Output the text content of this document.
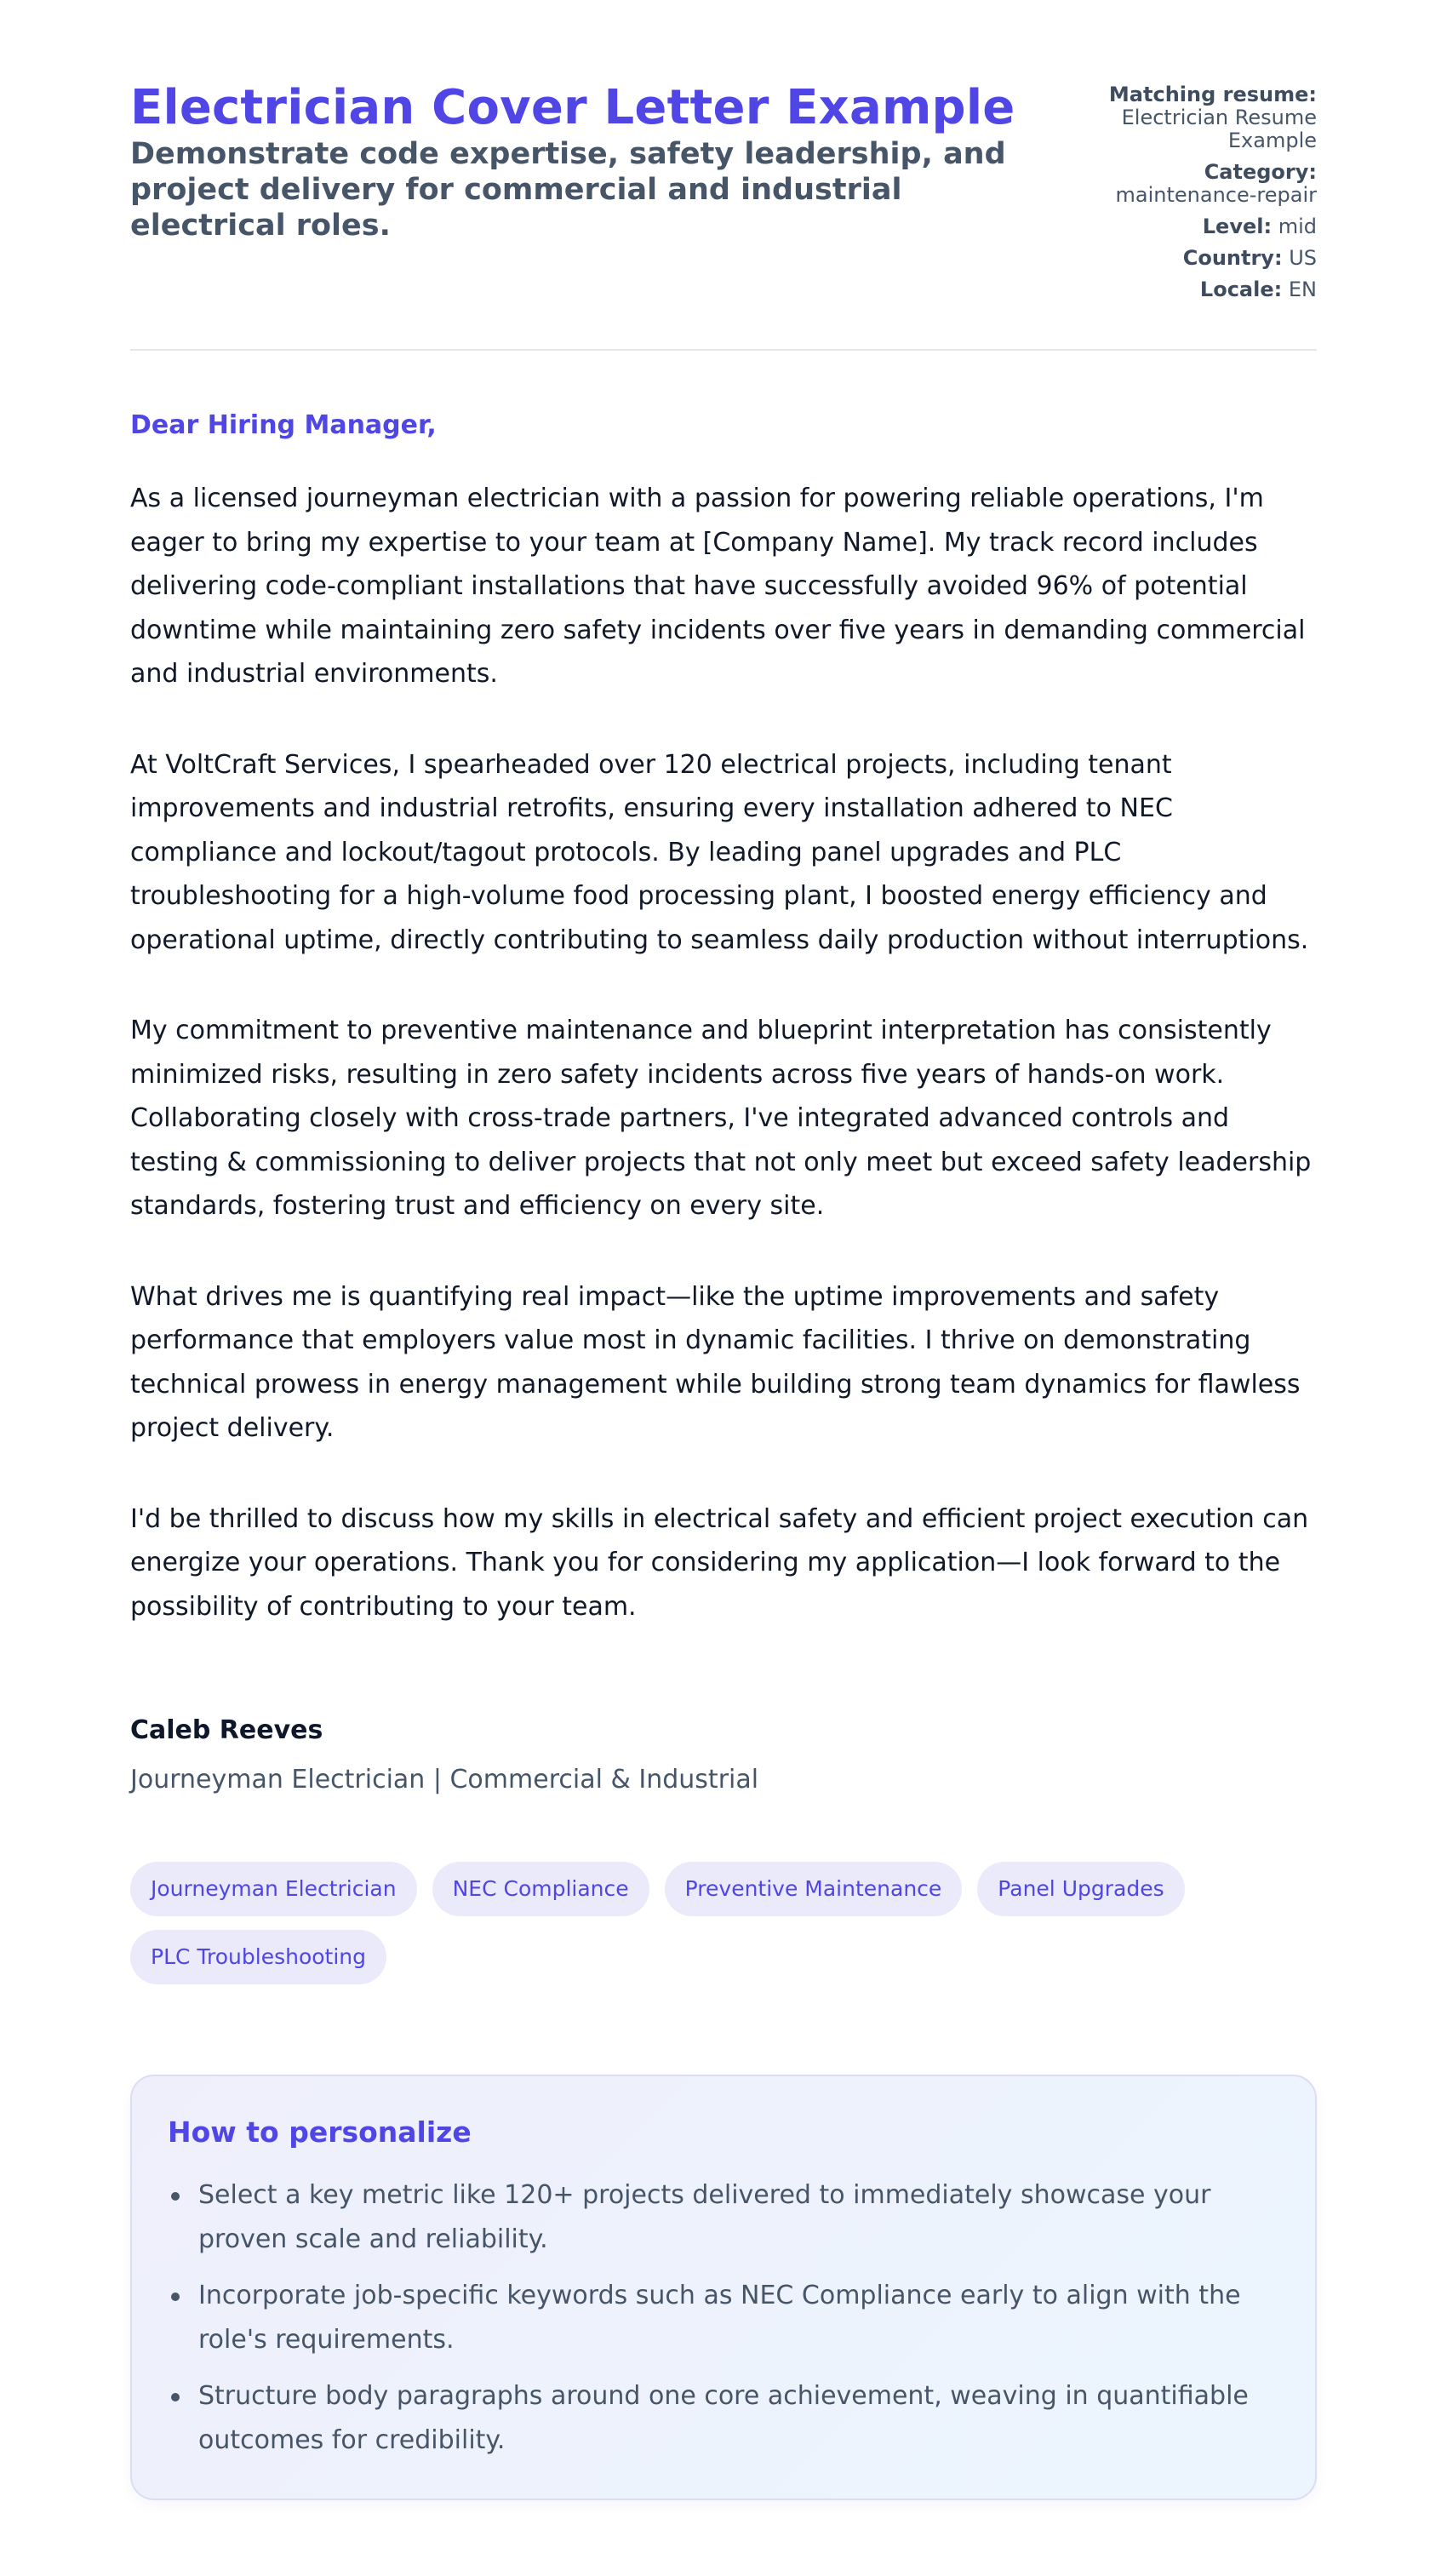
Electrician Cover Letter Example
Demonstrate code expertise, safety leadership, and project delivery for commercial and industrial electrical roles.
Matching resume:
Electrician Resume Example
Category:
maintenance-repair
Level: mid
Country: US
Locale: EN

Dear Hiring Manager,

As a licensed journeyman electrician with a passion for powering reliable operations, I'm eager to bring my expertise to your team at [Company Name]. My track record includes delivering code-compliant installations that have successfully avoided 96% of potential downtime while maintaining zero safety incidents over five years in demanding commercial and industrial environments.

At VoltCraft Services, I spearheaded over 120 electrical projects, including tenant improvements and industrial retrofits, ensuring every installation adhered to NEC compliance and lockout/tagout protocols. By leading panel upgrades and PLC troubleshooting for a high-volume food processing plant, I boosted energy efficiency and operational uptime, directly contributing to seamless daily production without interruptions.

My commitment to preventive maintenance and blueprint interpretation has consistently minimized risks, resulting in zero safety incidents across five years of hands-on work. Collaborating closely with cross-trade partners, I've integrated advanced controls and testing & commissioning to deliver projects that not only meet but exceed safety leadership standards, fostering trust and efficiency on every site.

What drives me is quantifying real impact—like the uptime improvements and safety performance that employers value most in dynamic facilities. I thrive on demonstrating technical prowess in energy management while building strong team dynamics for flawless project delivery.

I'd be thrilled to discuss how my skills in electrical safety and efficient project execution can energize your operations. Thank you for considering my application—I look forward to the possibility of contributing to your team.

Caleb Reeves
Journeyman Electrician | Commercial & Industrial
Journeyman Electrician	NEC Compliance	Preventive Maintenance	Panel Upgrades
PLC Troubleshooting
How to personalize
Select a key metric like 120+ projects delivered to immediately showcase your proven scale and reliability.
Incorporate job-specific keywords such as NEC Compliance early to align with the role's requirements.
Structure body paragraphs around one core achievement, weaving in quantifiable outcomes for credibility.
